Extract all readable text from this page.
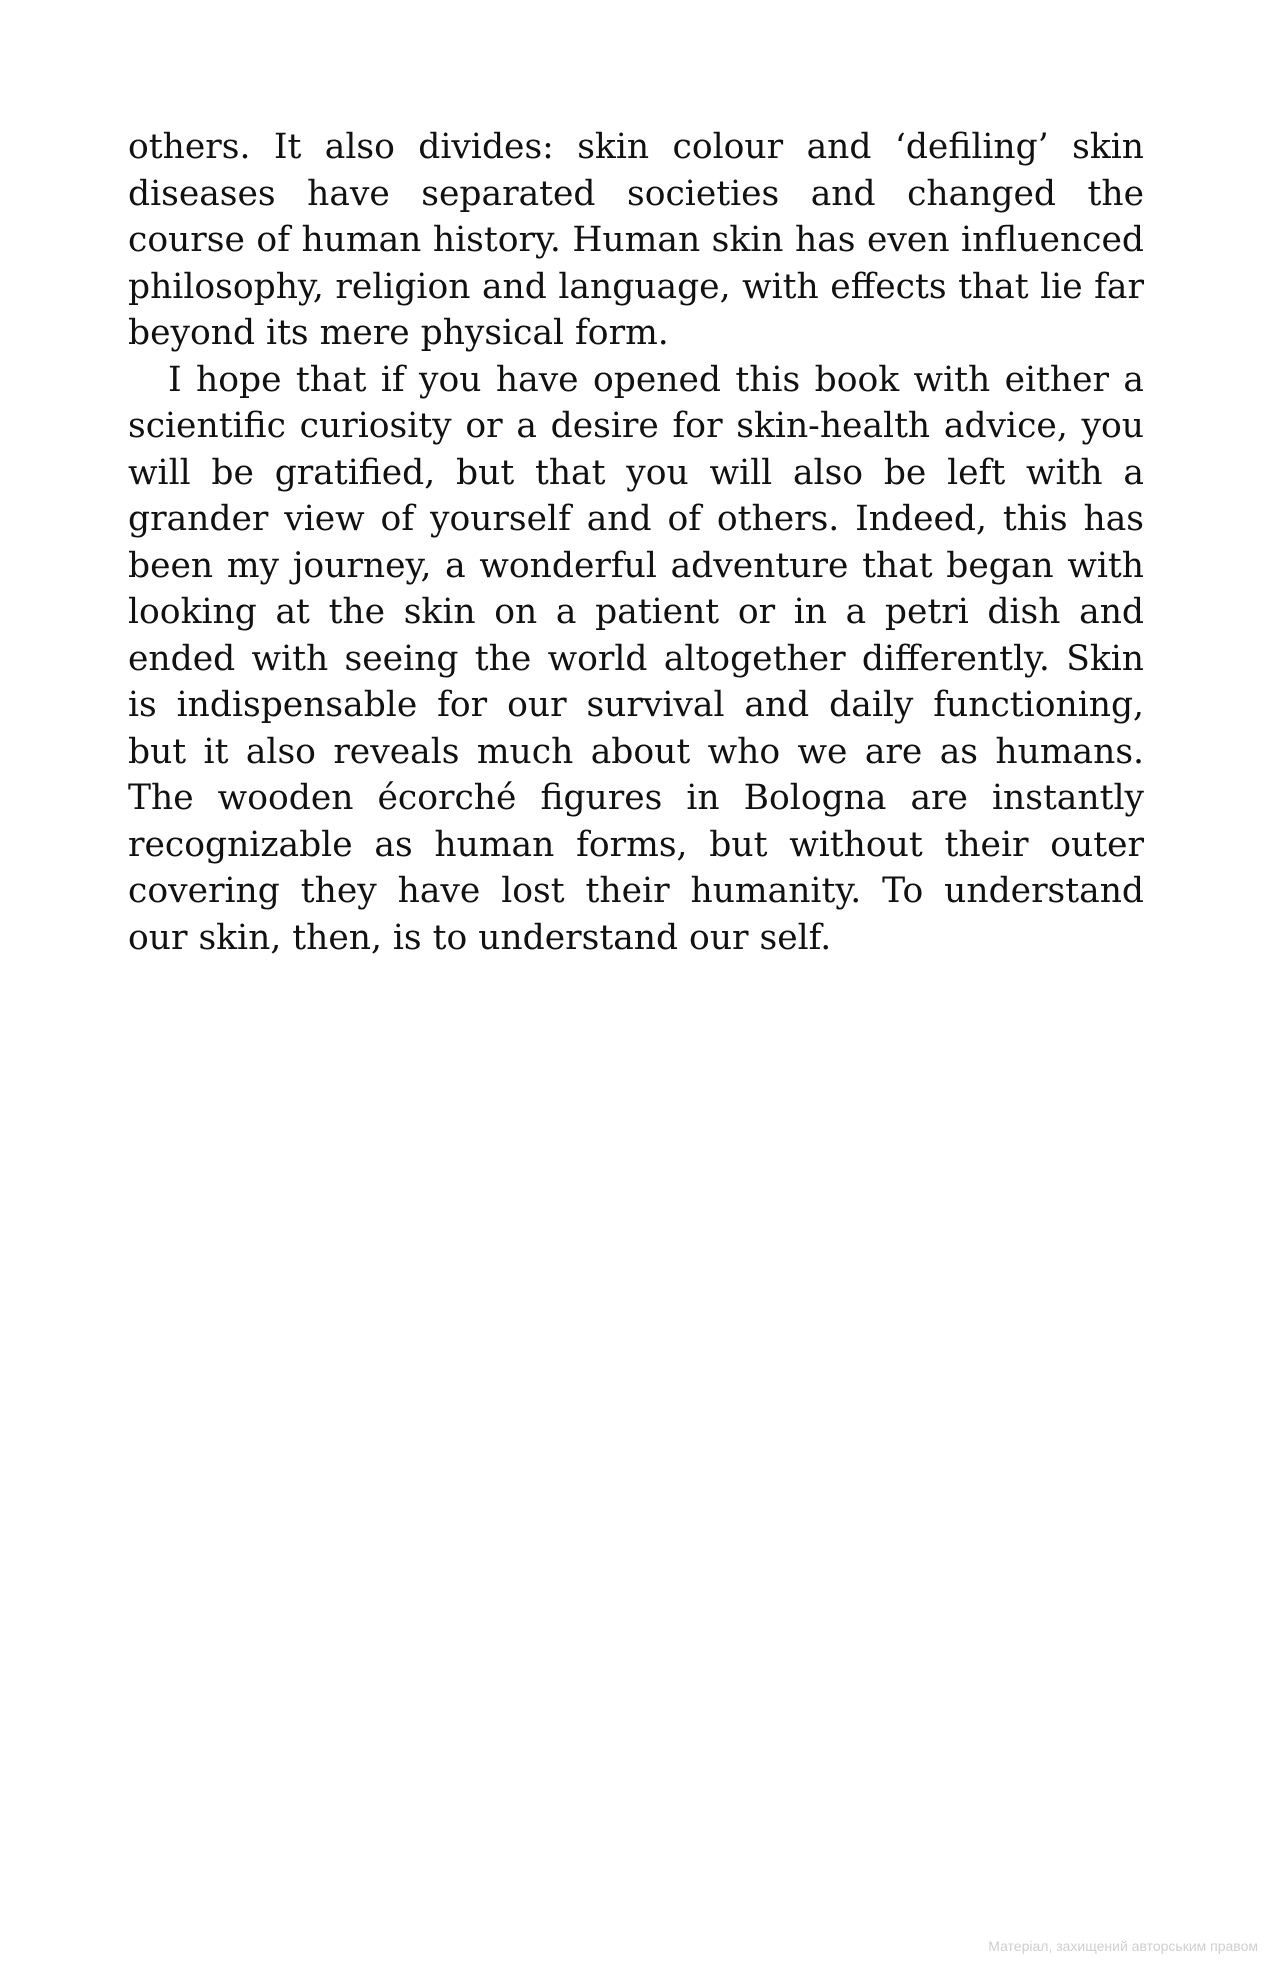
others. It also divides: skin colour and ‘defiling’ skin diseases have separated societies and changed the course of human history. Human skin has even influenced philosophy, religion and language, with effects that lie far beyond its mere physical form.

I hope that if you have opened this book with either a scientific curiosity or a desire for skin-health advice, you will be gratified, but that you will also be left with a grander view of yourself and of others. Indeed, this has been my journey, a wonderful adventure that began with looking at the skin on a patient or in a petri dish and ended with seeing the world altogether differently. Skin is indispensable for our survival and daily functioning, but it also reveals much about who we are as humans. The wooden écorché figures in Bologna are instantly recognizable as human forms, but without their outer covering they have lost their humanity. To understand our skin, then, is to understand our self.

Матеріал, захищений авторським правом
